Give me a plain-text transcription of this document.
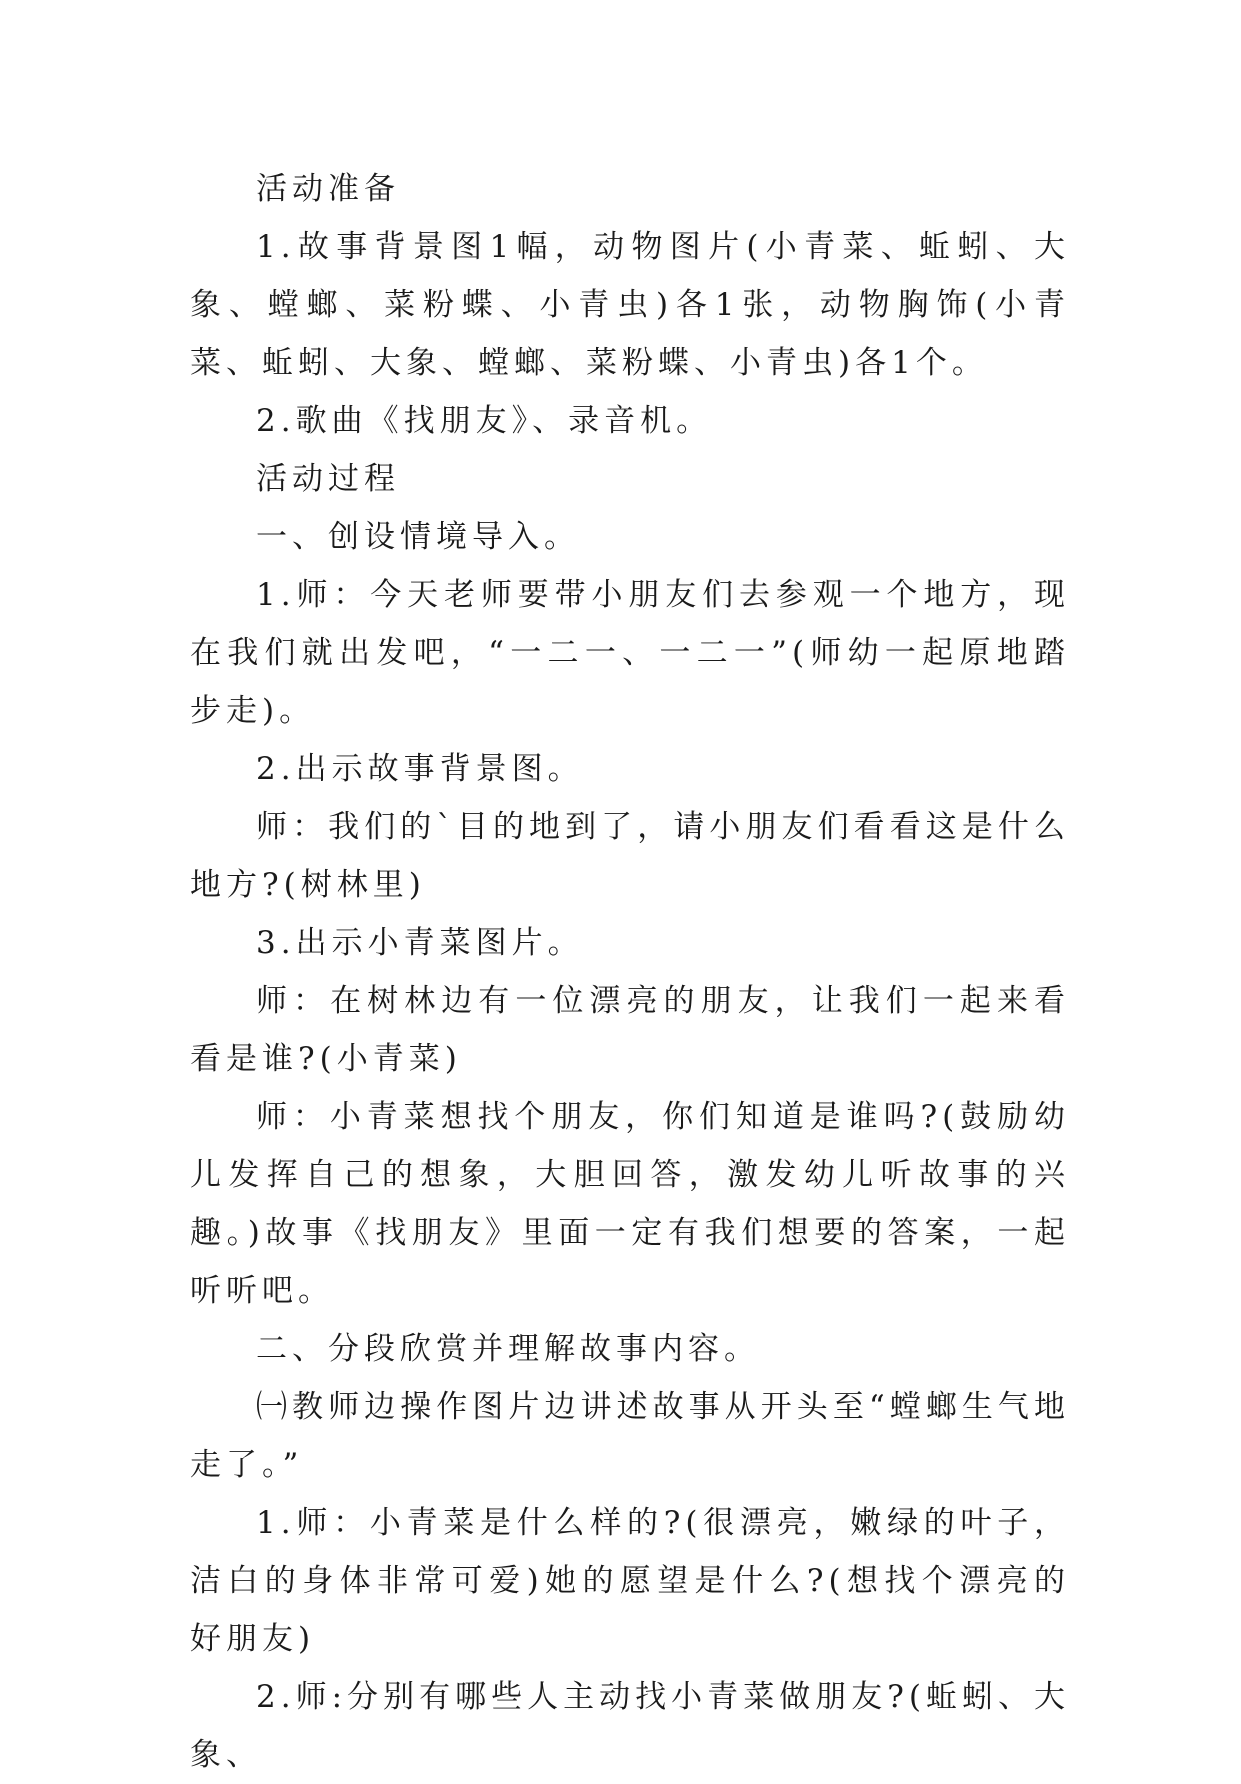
活动准备

1.故事背景图1幅，动物图片(小青菜、蚯蚓、大象、螳螂、菜粉蝶、小青虫)各1张，动物胸饰(小青菜、蚯蚓、大象、螳螂、菜粉蝶、小青虫)各1个。

2.歌曲《找朋友》、录音机。

活动过程

一、创设情境导入。

1.师：今天老师要带小朋友们去参观一个地方，现在我们就出发吧，“一二一、一二一”(师幼一起原地踏步走)。

2.出示故事背景图。

师：我们的`目的地到了，请小朋友们看看这是什么地方?(树林里)

3.出示小青菜图片。

师：在树林边有一位漂亮的朋友，让我们一起来看看是谁?(小青菜)

师：小青菜想找个朋友，你们知道是谁吗?(鼓励幼儿发挥自己的想象，大胆回答，激发幼儿听故事的兴趣。)故事《找朋友》里面一定有我们想要的答案，一起听听吧。

二、分段欣赏并理解故事内容。

㈠教师边操作图片边讲述故事从开头至“螳螂生气地走了。”

1.师：小青菜是什么样的?(很漂亮，嫩绿的叶子，洁白的身体非常可爱)她的愿望是什么?(想找个漂亮的好朋友)

2.师:分别有哪些人主动找小青菜做朋友?(蚯蚓、大象、
